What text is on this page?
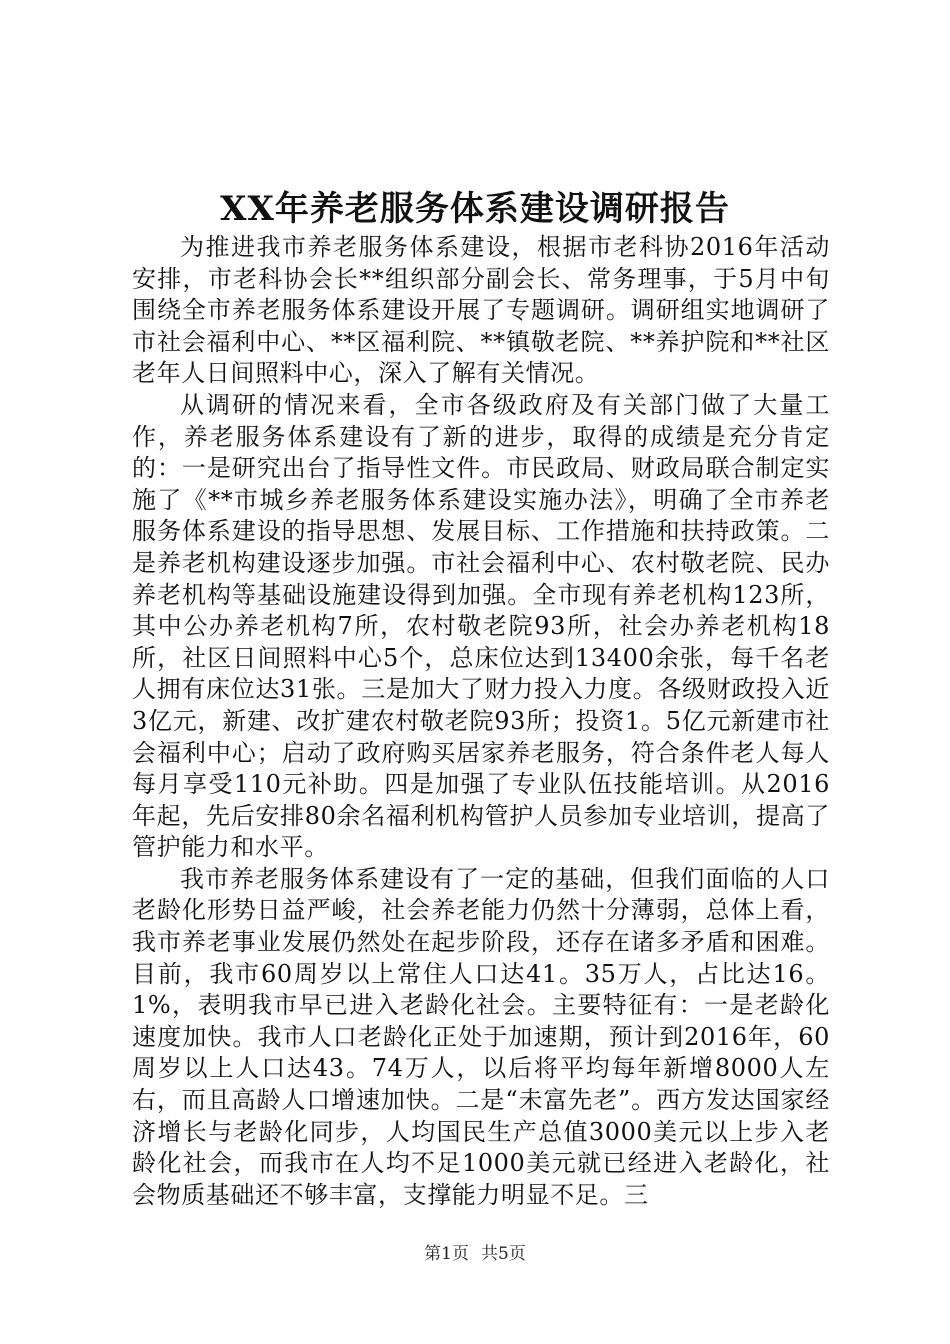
XX年养老服务体系建设调研报告

为推进我市养老服务体系建设，根据市老科协2016年活动安排，市老科协会长**组织部分副会长、常务理事，于5月中旬围绕全市养老服务体系建设开展了专题调研。调研组实地调研了市社会福利中心、**区福利院、**镇敬老院、**养护院和**社区老年人日间照料中心，深入了解有关情况。

从调研的情况来看，全市各级政府及有关部门做了大量工作，养老服务体系建设有了新的进步，取得的成绩是充分肯定的：一是研究出台了指导性文件。市民政局、财政局联合制定实施了《**市城乡养老服务体系建设实施办法》，明确了全市养老服务体系建设的指导思想、发展目标、工作措施和扶持政策。二是养老机构建设逐步加强。市社会福利中心、农村敬老院、民办养老机构等基础设施建设得到加强。全市现有养老机构123所，其中公办养老机构7所，农村敬老院93所，社会办养老机构18所，社区日间照料中心5个，总床位达到13400余张，每千名老人拥有床位达31张。三是加大了财力投入力度。各级财政投入近3亿元，新建、改扩建农村敬老院93所；投资1。5亿元新建市社会福利中心；启动了政府购买居家养老服务，符合条件老人每人每月享受110元补助。四是加强了专业队伍技能培训。从2016年起，先后安排80余名福利机构管护人员参加专业培训，提高了管护能力和水平。

我市养老服务体系建设有了一定的基础，但我们面临的人口老龄化形势日益严峻，社会养老能力仍然十分薄弱，总体上看，我市养老事业发展仍然处在起步阶段，还存在诸多矛盾和困难。目前，我市60周岁以上常住人口达41。35万人，占比达16。1%，表明我市早已进入老龄化社会。主要特征有：一是老龄化速度加快。我市人口老龄化正处于加速期，预计到2016年，60周岁以上人口达43。74万人，以后将平均每年新增8000人左右，而且高龄人口增速加快。二是“未富先老”。西方发达国家经济增长与老龄化同步，人均国民生产总值3000美元以上步入老龄化社会，而我市在人均不足1000美元就已经进入老龄化，社会物质基础还不够丰富，支撑能力明显不足。三

第1页 共5页
